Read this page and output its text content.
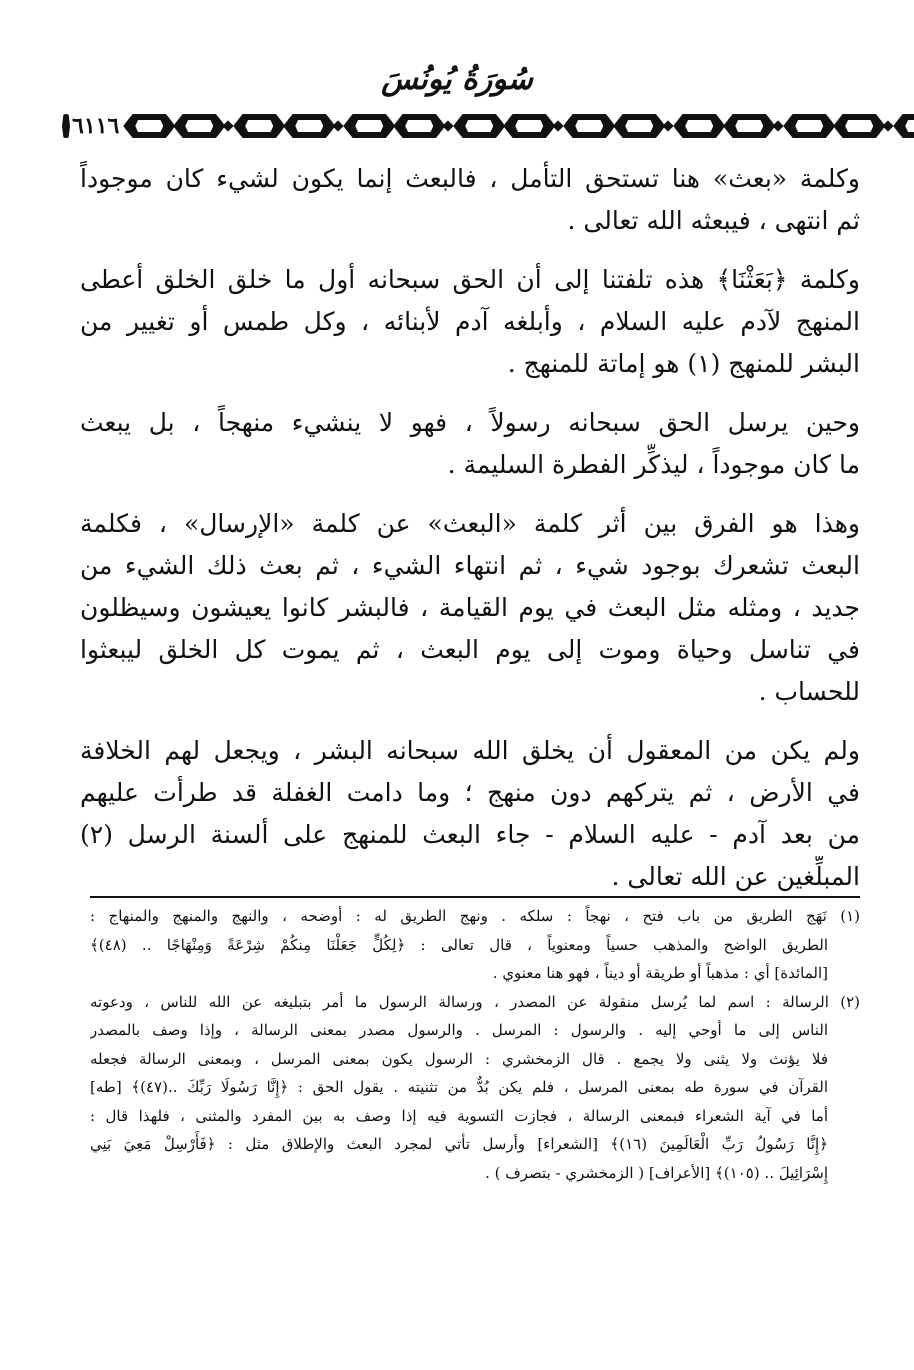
سُورَةُ يُونُسَ
٦١١٦
وكلمة «بعث» هنا تستحق التأمل ، فالبعث إنما يكون لشيء كان موجوداً
ثم انتهى ، فيبعثه الله تعالى .
وكلمة ﴿بَعَثْنَا﴾ هذه تلفتنا إلى أن الحق سبحانه أول ما خلق الخلق أعطى
المنهج لآدم عليه السلام ، وأبلغه آدم لأبنائه ، وكل طمس أو تغيير من
البشر للمنهج (١) هو إماتة للمنهج .
وحين يرسل الحق سبحانه رسولاً ، فهو لا ينشيء منهجاً ، بل يبعث
ما كان موجوداً ، ليذكِّر الفطرة السليمة .
وهذا هو الفرق بين أثر كلمة «البعث» عن كلمة «الإرسال» ، فكلمة
البعث تشعرك بوجود شيء ، ثم انتهاء الشيء ، ثم بعث ذلك الشيء من
جديد ، ومثله مثل البعث في يوم القيامة ، فالبشر كانوا يعيشون وسيظلون
في تناسل وحياة وموت إلى يوم البعث ، ثم يموت كل الخلق ليبعثوا
للحساب .
ولم يكن من المعقول أن يخلق الله سبحانه البشر ، ويجعل لهم الخلافة
في الأرض ، ثم يتركهم دون منهج ؛ وما دامت الغفلة قد طرأت عليهم
من بعد آدم - عليه السلام - جاء البعث للمنهج على ألسنة الرسل (٢)
المبلِّغين عن الله تعالى .
(١) نَهَج الطريق من باب فتح ، نهجاً : سلكه . ونهج الطريق له : أوضحه ، والنهج والمنهج والمنهاج :
الطريق الواضح والمذهب حسياً ومعنوياً ، قال تعالى : ﴿لِكُلٍّ جَعَلْنَا مِنكُمْ شِرْعَةً وَمِنْهَاجًا .. (٤٨)﴾
[المائدة] أي : مذهباً أو طريقة أو ديناً ، فهو هنا معنوي .
(٢) الرسالة : اسم لما يُرسل منقولة عن المصدر ، ورسالة الرسول ما أمر بتبليغه عن الله للناس ، ودعوته
الناس إلى ما أوحي إليه . والرسول : المرسل . والرسول مصدر بمعنى الرسالة ، وإذا وصف بالمصدر
فلا يؤنث ولا يثنى ولا يجمع . قال الزمخشري : الرسول يكون بمعنى المرسل ، وبمعنى الرسالة فجعله
القرآن في سورة طه بمعنى المرسل ، فلم يكن بُدٌّ من تثنيته . يقول الحق : ﴿إِنَّا رَسُولَا رَبِّكَ ..(٤٧)﴾ [طه]
أما في آية الشعراء فبمعنى الرسالة ، فجازت التسوية فيه إذا وصف به بين المفرد والمثنى ، فلهذا قال :
﴿إِنَّا رَسُولُ رَبِّ الْعَالَمِينَ (١٦)﴾ [الشعراء] وأرسل تأتي لمجرد البعث والإطلاق مثل : ﴿فَأَرْسِلْ مَعِيَ بَنِي
إِسْرَائِيلَ .. (١٠٥)﴾ [الأعراف] ( الزمخشري - بتصرف ) .
